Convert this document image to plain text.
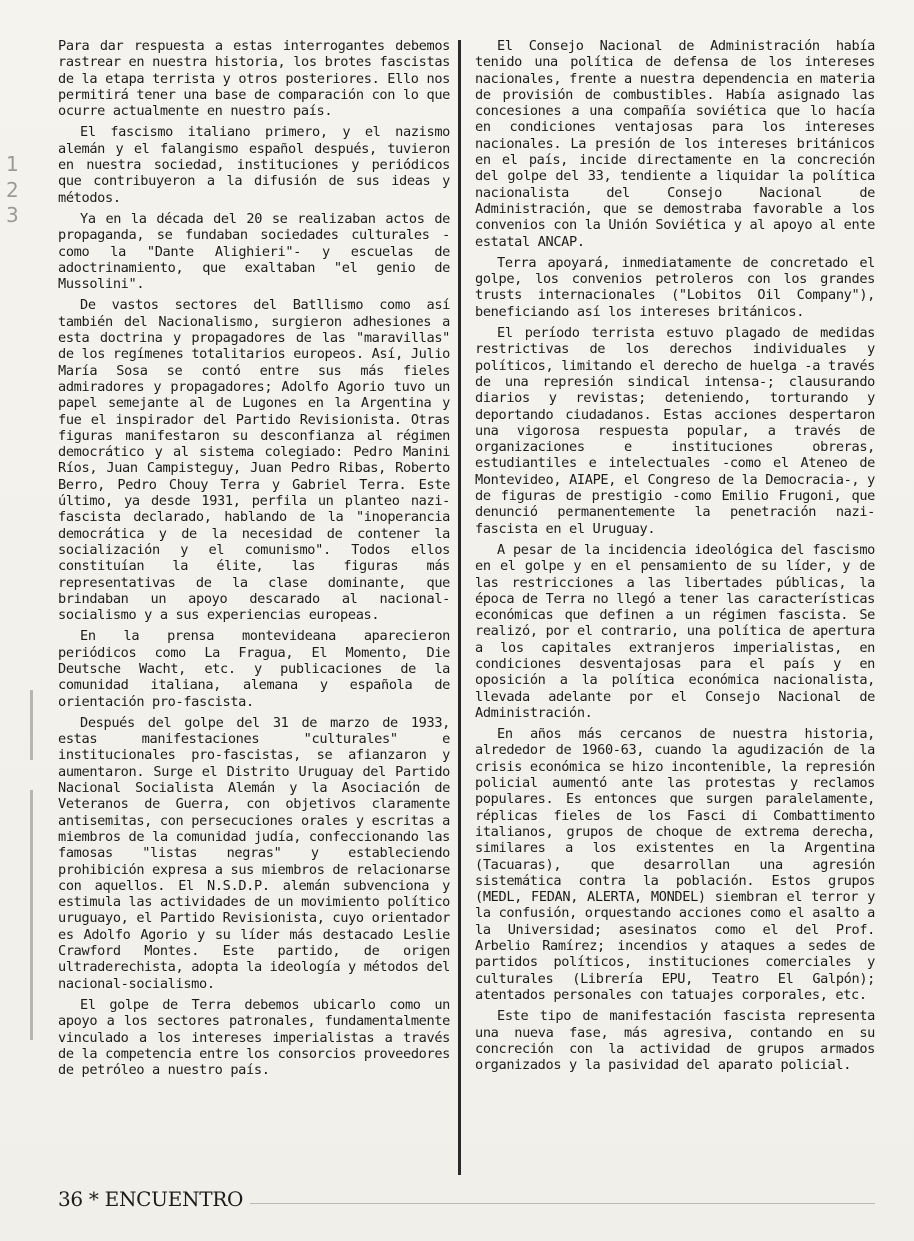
1
2
3

Para dar respuesta a estas interrogantes debemos rastrear en nuestra historia, los brotes fascistas de la etapa terrista y otros posteriores. Ello nos permitirá tener una base de comparación con lo que ocurre actualmente en nuestro país.

El fascismo italiano primero, y el nazismo alemán y el falangismo español después, tuvieron en nuestra sociedad, instituciones y periódicos que contribuyeron a la difusión de sus ideas y métodos.

Ya en la década del 20 se realizaban actos de propaganda, se fundaban sociedades culturales -como la "Dante Alighieri"- y escuelas de adoctrinamiento, que exaltaban "el genio de Mussolini".

De vastos sectores del Batllismo como así también del Nacionalismo, surgieron adhesiones a esta doctrina y propagadores de las "maravillas" de los regímenes totalitarios europeos. Así, Julio María Sosa se contó entre sus más fieles admiradores y propagadores; Adolfo Agorio tuvo un papel semejante al de Lugones en la Argentina y fue el inspirador del Partido Revisionista. Otras figuras manifestaron su desconfianza al régimen democrático y al sistema colegiado: Pedro Manini Ríos, Juan Campisteguy, Juan Pedro Ribas, Roberto Berro, Pedro Chouy Terra y Gabriel Terra. Este último, ya desde 1931, perfila un planteo nazi-fascista declarado, hablando de la "inoperancia democrática y de la necesidad de contener la socialización y el comunismo". Todos ellos constituían la élite, las figuras más representativas de la clase dominante, que brindaban un apoyo descarado al nacional-socialismo y a sus experiencias europeas.

En la prensa montevideana aparecieron periódicos como La Fragua, El Momento, Die Deutsche Wacht, etc. y publicaciones de la comunidad italiana, alemana y española de orientación pro-fascista.

Después del golpe del 31 de marzo de 1933, estas manifestaciones "culturales" e institucionales pro-fascistas, se afianzaron y aumentaron. Surge el Distrito Uruguay del Partido Nacional Socialista Alemán y la Asociación de Veteranos de Guerra, con objetivos claramente antisemitas, con persecuciones orales y escritas a miembros de la comunidad judía, confeccionando las famosas "listas negras" y estableciendo prohibición expresa a sus miembros de relacionarse con aquellos. El N.S.D.P. alemán subvenciona y estimula las actividades de un movimiento político uruguayo, el Partido Revisionista, cuyo orientador es Adolfo Agorio y su líder más destacado Leslie Crawford Montes. Este partido, de origen ultraderechista, adopta la ideología y métodos del nacional-socialismo.

El golpe de Terra debemos ubicarlo como un apoyo a los sectores patronales, fundamentalmente vinculado a los intereses imperialistas a través de la competencia entre los consorcios proveedores de petróleo a nuestro país.

El Consejo Nacional de Administración había tenido una política de defensa de los intereses nacionales, frente a nuestra dependencia en materia de provisión de combustibles. Había asignado las concesiones a una compañía soviética que lo hacía en condiciones ventajosas para los intereses nacionales. La presión de los intereses británicos en el país, incide directamente en la concreción del golpe del 33, tendiente a liquidar la política nacionalista del Consejo Nacional de Administración, que se demostraba favorable a los convenios con la Unión Soviética y al apoyo al ente estatal ANCAP.

Terra apoyará, inmediatamente de concretado el golpe, los convenios petroleros con los grandes trusts internacionales ("Lobitos Oil Company"), beneficiando así los intereses británicos.

El período terrista estuvo plagado de medidas restrictivas de los derechos individuales y políticos, limitando el derecho de huelga -a través de una represión sindical intensa-; clausurando diarios y revistas; deteniendo, torturando y deportando ciudadanos. Estas acciones despertaron una vigorosa respuesta popular, a través de organizaciones e instituciones obreras, estudiantiles e intelectuales -como el Ateneo de Montevideo, AIAPE, el Congreso de la Democracia-, y de figuras de prestigio -como Emilio Frugoni, que denunció permanentemente la penetración nazi-fascista en el Uruguay.

A pesar de la incidencia ideológica del fascismo en el golpe y en el pensamiento de su líder, y de las restricciones a las libertades públicas, la época de Terra no llegó a tener las características económicas que definen a un régimen fascista. Se realizó, por el contrario, una política de apertura a los capitales extranjeros imperialistas, en condiciones desventajosas para el país y en oposición a la política económica nacionalista, llevada adelante por el Consejo Nacional de Administración.

En años más cercanos de nuestra historia, alrededor de 1960-63, cuando la agudización de la crisis económica se hizo incontenible, la represión policial aumentó ante las protestas y reclamos populares. Es entonces que surgen paralelamente, réplicas fieles de los Fasci di Combattimento italianos, grupos de choque de extrema derecha, similares a los existentes en la Argentina (Tacuaras), que desarrollan una agresión sistemática contra la población. Estos grupos (MEDL, FEDAN, ALERTA, MONDEL) siembran el terror y la confusión, orquestando acciones como el asalto a la Universidad; asesinatos como el del Prof. Arbelio Ramírez; incendios y ataques a sedes de partidos políticos, instituciones comerciales y culturales (Librería EPU, Teatro El Galpón); atentados personales con tatuajes corporales, etc.

Este tipo de manifestación fascista representa una nueva fase, más agresiva, contando en su concreción con la actividad de grupos armados organizados y la pasividad del aparato policial.

36 * ENCUENTRO
